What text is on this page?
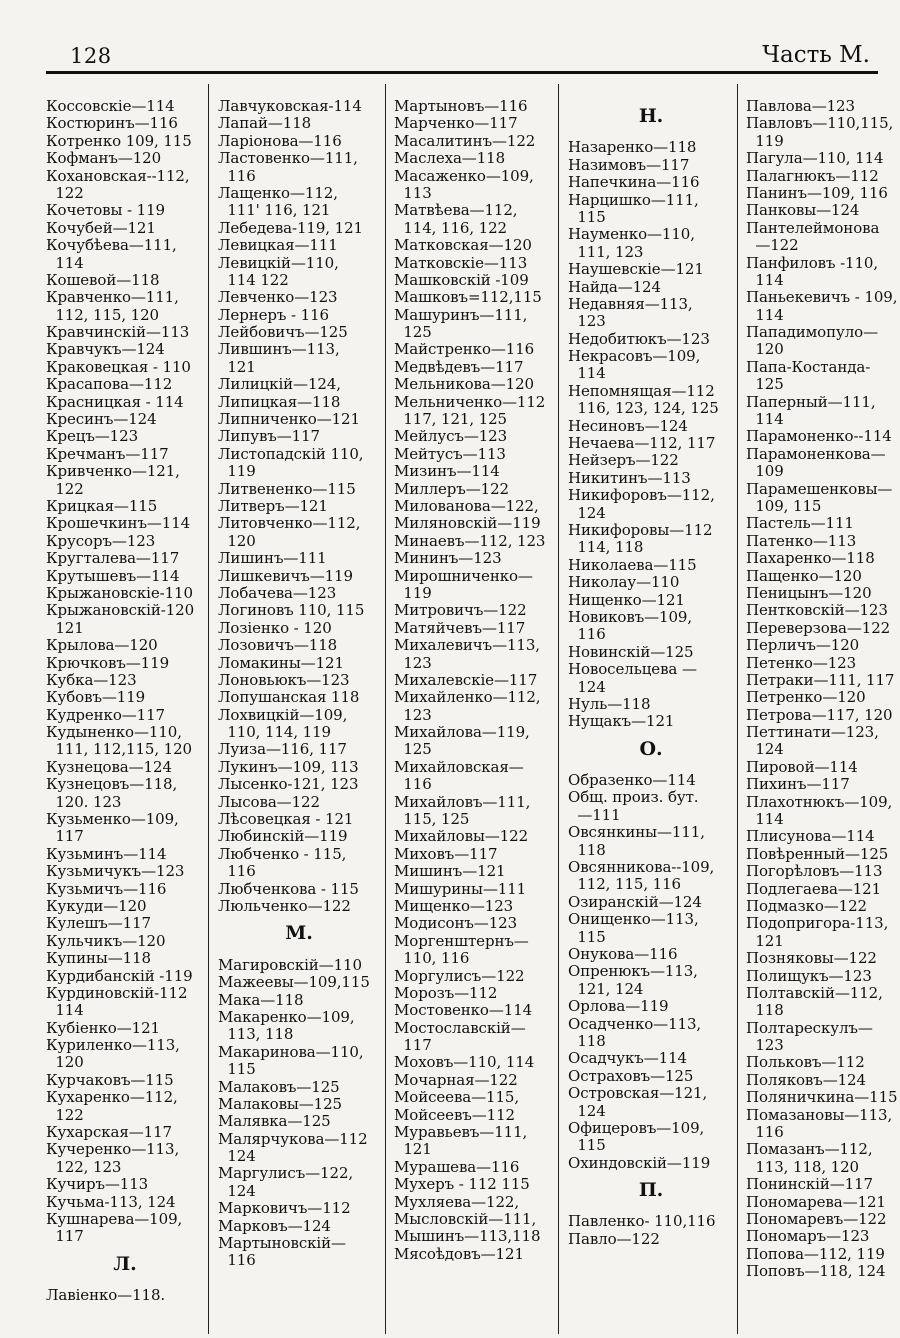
128	Часть М.
Коссовскіе—114
Костюринъ—116
Котренко 109, 115
Кофманъ—120
Кохановская--112,
122
Кочетовы - 119
Кочубей—121
Кочубѣева—111,
114
Кошевой—118
Кравченко—111,
112, 115, 120
Кравчинскій—113
Кравчукъ—124
Краковецкая - 110
Красапова—112
Красницкая - 114
Кресинъ—124
Крецъ—123
Кречманъ—117
Кривченко—121,
122
Крицкая—115
Крошечкинъ—114
Крусоръ—123
Кругталева—117
Крутышевъ—114
Крыжановскіе-110
Крыжановскій-120
121
Крылова—120
Крючковъ—119
Кубка—123
Кубовъ—119
Кудренко—117
Кудыненко—110,
111, 112,115, 120
Кузнецова—124
Кузнецовъ—118,
120. 123
Кузьменко—109,
117
Кузьминъ—114
Кузьмичукъ—123
Кузьмичъ—116
Кукуди—120
Кулешъ—117
Кульчикъ—120
Купины—118
Курдибанскій -119
Курдиновскій-112
114
Кубіенко—121
Куриленко—113,
120
Курчаковъ—115
Кухаренко—112,
122
Кухарская—117
Кучеренко—113,
122, 123
Кучиръ—113
Кучьма-113, 124
Кушнарева—109,
117
Л.
Лавіенко—118.
Лавчуковская-114
Лапай—118
Ларіонова—116
Ластовенко—111,
116
Лащенко—112,
111' 116, 121
Лебедева-119, 121
Левицкая—111
Левицкій—110,
114 122
Левченко—123
Лернеръ - 116
Лейбовичъ—125
Лившинъ—113,
121
Лилицкій—124,
Липицкая—118
Липниченко—121
Липувъ—117
Листопадскій 110,
119
Литвененко—115
Литверъ—121
Литовченко—112,
120
Лишинъ—111
Лишкевичъ—119
Лобачева—123
Логиновъ 110, 115
Лозіенко - 120
Лозовичъ—118
Ломакины—121
Лоновьюкъ—123
Лопушанская 118
Лохвицкій—109,
110, 114, 119
Луиза—116, 117
Лукинъ—109, 113
Лысенко-121, 123
Лысова—122
Лѣсовецкая - 121
Любинскій—119
Любченко - 115,
116
Любченкова - 115
Люльченко—122
М.
Магировскій—110
Мажеевы—109,115
Мака—118
Макаренко—109,
113, 118
Макаринова—110,
115
Малаковъ—125
Малаковы—125
Малявка—125
Маляpчукова—112
124
Маргулисъ—122,
124
Марковичъ—112
Марковъ—124
Мартыновскій—
116
Мартыновъ—116
Марченко—117
Масалитинъ—122
Маслеха—118
Масаженко—109,
113
Матвѣева—112,
114, 116, 122
Матковская—120
Матковскіе—113
Машковскій -109
Машковъ=112,115
Машуринъ—111,
125
Майстренко—116
Медвѣдевъ—117
Мельникова—120
Мельниченко—112
117, 121, 125
Мейлусъ—123
Мейтусъ—113
Мизинъ—114
Миллеръ—122
Милованова—122,
Миляновскій—119
Минаевъ—112, 123
Мининъ—123
Мирошниченко—
119
Митровичъ—122
Матяйчевъ—117
Михалевичъ—113,
123
Михалевскіе—117
Михайленко—112,
123
Михайлова—119,
125
Михайловская—
116
Михайловъ—111,
115, 125
Михайловы—122
Миховъ—117
Мишинъ—121
Мишурины—111
Мищенко—123
Модисонъ—123
Моргенштернъ—
110, 116
Моргулисъ—122
Морозъ—112
Мостовенко—114
Мостославскій—
117
Моховъ—110, 114
Мочарная—122
Мойсеева—115,
Мойсеевъ—112
Муравьевъ—111,
121
Мурашева—116
Мухеръ - 112 115
Мухляева—122,
Мысловскій—111,
Мышинъ—113,118
Мясоѣдовъ—121
Н.
Назаренко—118
Назимовъ—117
Напечкина—116
Нарцишко—111,
115
Науменко—110,
111, 123
Наушевскіе—121
Найда—124
Недавняя—113,
123
Недобитюкъ—123
Некрасовъ—109,
114
Непомнящая—112
116, 123, 124, 125
Несиновъ—124
Нечаева—112, 117
Нейзеръ—122
Никитинъ—113
Никифоровъ—112,
124
Никифоровы—112
114, 118
Николаева—115
Николау—110
Нищенко—121
Новиковъ—109,
116
Новинскій—125
Новосельцева —
124
Нуль—118
Нущакъ—121
О.
Образенко—114
Общ. произ. бут.
—111
Овсянкины—111,
118
Овсянникова--109,
112, 115, 116
Озиранскій—124
Онищенко—113,
115
Онукова—116
Опренюкъ—113,
121, 124
Орлова—119
Осадченко—113,
118
Осадчукъ—114
Остраховъ—125
Островская—121,
124
Офицеровъ—109,
115
Охиндовскій—119
П.
Павленко- 110,116
Павло—122
Павлова—123
Павловъ—110,115,
119
Пагула—110, 114
Палагнюкъ—112
Панинъ—109, 116
Панковы—124
Пантелеймонова
—122
Панфиловъ -110,
114
Паньекевичъ - 109,
114
Пападимопуло—
120
Папа-Костанда-
125
Паперный—111,
114
Парамоненко--114
Парамоненкова—
109
Парамешенковы—
109, 115
Пастель—111
Патенко—113
Пахаренко—118
Пащенко—120
Пеницынъ—120
Пентковскій—123
Переверзова—122
Перличъ—120
Петенко—123
Петраки—111, 117
Петренко—120
Петрова—117, 120
Петтинати—123,
124
Пировой—114
Пихинъ—117
Плахотнюкъ—109,
114
Плисунова—114
Повѣренный—125
Погорѣловъ—113
Подлегаева—121
Подмазко—122
Подопригора-113,
121
Позняковы—122
Полищукъ—123
Полтавскій—112,
118
Полтарескулъ—
123
Польковъ—112
Поляковъ—124
Поляничкина—115
Помазановы—113,
116
Помазанъ—112,
113, 118, 120
Понинскій—117
Пономарева—121
Пономаревъ—122
Пономаръ—123
Попова—112, 119
Поповъ—118, 124
